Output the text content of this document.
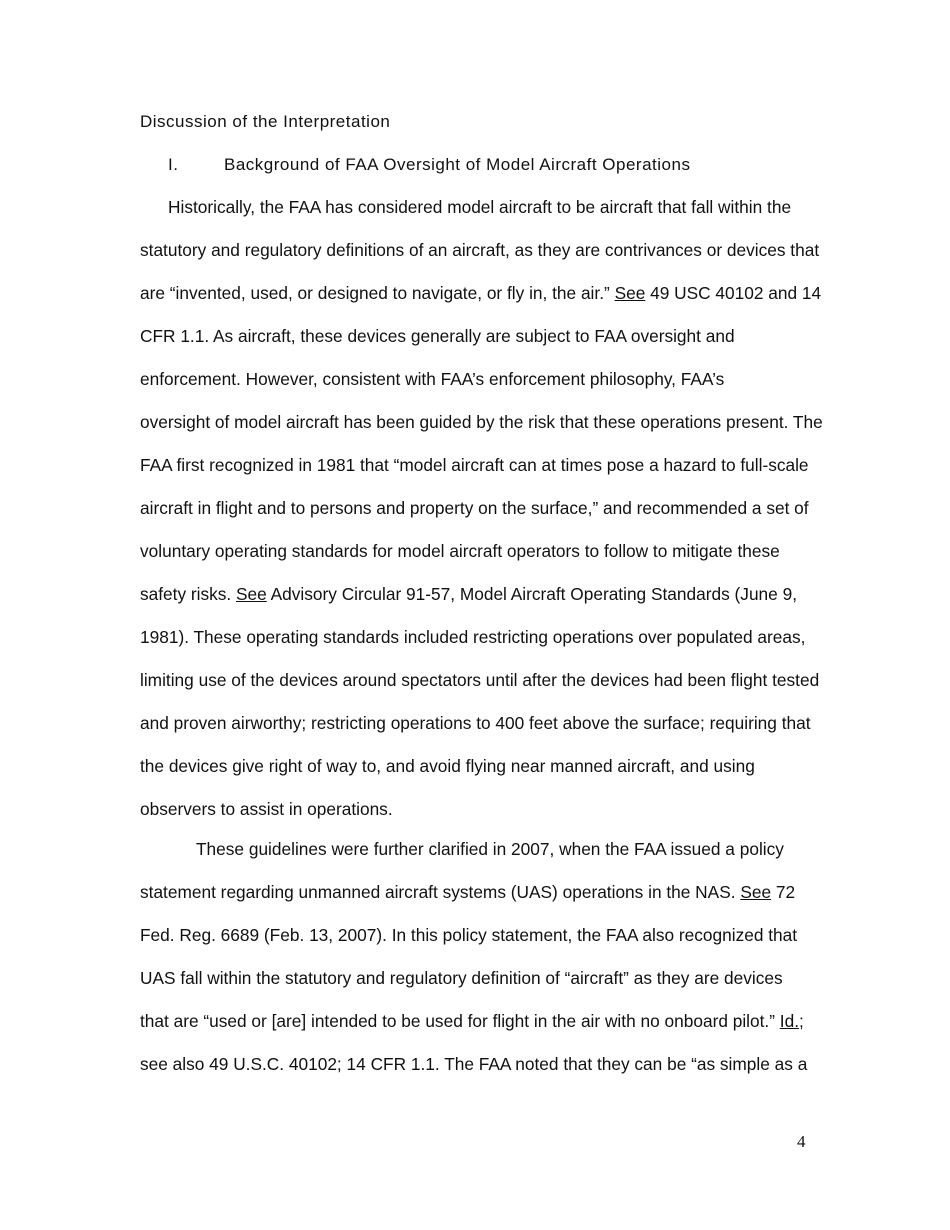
Discussion of the Interpretation
I.	Background of FAA Oversight of Model Aircraft Operations
Historically, the FAA has considered model aircraft to be aircraft that fall within the
statutory and regulatory definitions of an aircraft, as they are contrivances or devices that
are “invented, used, or designed to navigate, or fly in, the air.” See 49 USC 40102 and 14
CFR 1.1. As aircraft, these devices generally are subject to FAA oversight and
enforcement. However, consistent with FAA’s enforcement philosophy, FAA’s
oversight of model aircraft has been guided by the risk that these operations present. The
FAA first recognized in 1981 that “model aircraft can at times pose a hazard to full-scale
aircraft in flight and to persons and property on the surface,” and recommended a set of
voluntary operating standards for model aircraft operators to follow to mitigate these
safety risks. See Advisory Circular 91-57, Model Aircraft Operating Standards (June 9,
1981). These operating standards included restricting operations over populated areas,
limiting use of the devices around spectators until after the devices had been flight tested
and proven airworthy; restricting operations to 400 feet above the surface; requiring that
the devices give right of way to, and avoid flying near manned aircraft, and using
observers to assist in operations.
These guidelines were further clarified in 2007, when the FAA issued a policy
statement regarding unmanned aircraft systems (UAS) operations in the NAS. See 72
Fed. Reg. 6689 (Feb. 13, 2007). In this policy statement, the FAA also recognized that
UAS fall within the statutory and regulatory definition of “aircraft” as they are devices
that are “used or [are] intended to be used for flight in the air with no onboard pilot.” Id.;
see also 49 U.S.C. 40102; 14 CFR 1.1. The FAA noted that they can be “as simple as a
4
